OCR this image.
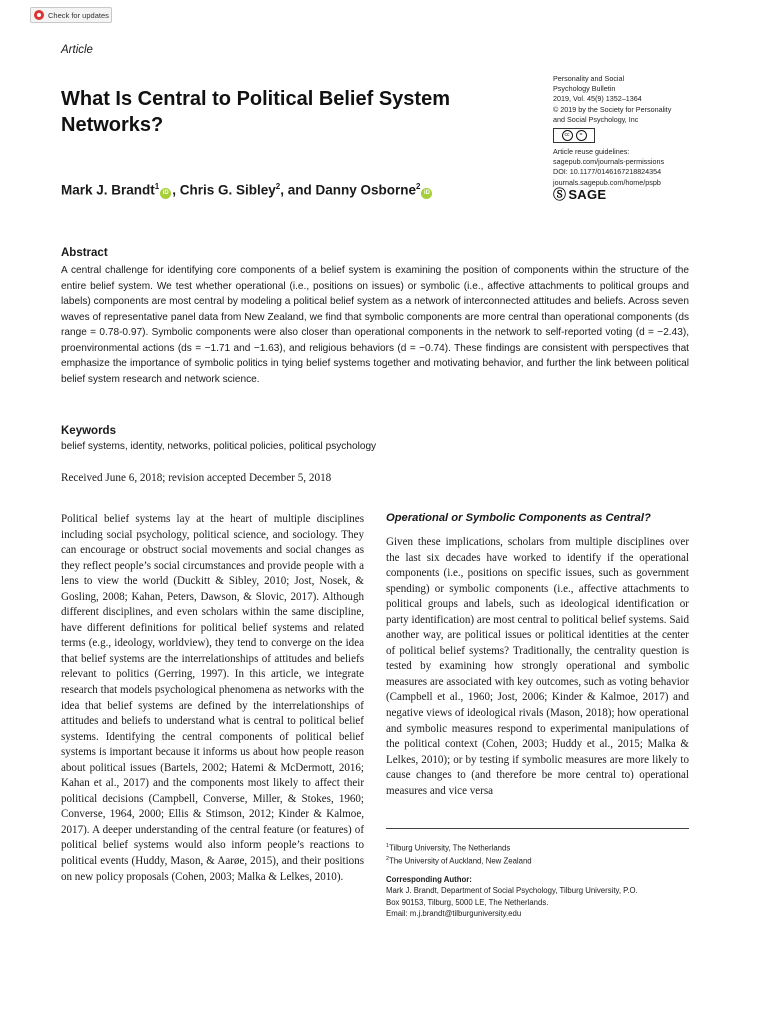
Check for updates
Article
What Is Central to Political Belief System Networks?
Mark J. Brandt$^1$iD , Chris G. Sibley$^2$, and Danny Osborne$^2$iD
Personality and Social
Psychology Bulletin
2019, Vol. 45(9) 1352–1364
© 2019 by the Society for Personality
and Social Psychology, Inc
cc	=
Article reuse guidelines:
sagepub.com/journals-permissions
DOI: 10.1177/0146167218824354
journals.sagepub.com/home/pspb
Ⓢ SAGE
Abstract

A central challenge for identifying core components of a belief system is examining the position of components within the structure of the entire belief system. We test whether operational (i.e., positions on issues) or symbolic (i.e., affective attachments to political groups and labels) components are most central by modeling a political belief system as a network of interconnected attitudes and beliefs. Across seven waves of representative panel data from New Zealand, we find that symbolic components are more central than operational components (ds range = 0.78-0.97). Symbolic components were also closer than operational components in the network to self-reported voting (d = −2.43), proenvironmental actions (ds = −1.71 and −1.63), and religious behaviors (d = −0.74). These findings are consistent with perspectives that emphasize the importance of symbolic politics in tying belief systems together and motivating behavior, and further the link between political belief system research and network science.

Keywords

belief systems, identity, networks, political policies, political psychology

Received June 6, 2018; revision accepted December 5, 2018

Political belief systems lay at the heart of multiple disciplines including social psychology, political science, and sociology. They can encourage or obstruct social movements and social changes as they reflect people’s social circumstances and provide people with a lens to view the world (Duckitt & Sibley, 2010; Jost, Nosek, & Gosling, 2008; Kahan, Peters, Dawson, & Slovic, 2017). Although different disciplines, and even scholars within the same discipline, have different definitions for political belief systems and related terms (e.g., ideology, worldview), they tend to converge on the idea that belief systems are the interrelationships of attitudes and beliefs relevant to politics (Gerring, 1997). In this article, we integrate research that models psychological phenomena as networks with the idea that belief systems are defined by the interrelationships of attitudes and beliefs to understand what is central to political belief systems. Identifying the central components of political belief systems is important because it informs us about how people reason about political issues (Bartels, 2002; Hatemi & McDermott, 2016; Kahan et al., 2017) and the components most likely to affect their political decisions (Campbell, Converse, Miller, & Stokes, 1960; Converse, 1964, 2000; Ellis & Stimson, 2012; Kinder & Kalmoe, 2017). A deeper understanding of the central feature (or features) of political belief systems would also inform people’s reactions to political events (Huddy, Mason, & Aarøe, 2015), and their positions on new policy proposals (Cohen, 2003; Malka & Lelkes, 2010).

Operational or Symbolic Components as Central?

Given these implications, scholars from multiple disciplines over the last six decades have worked to identify if the operational components (i.e., positions on specific issues, such as government spending) or symbolic components (i.e., affective attachments to political groups and labels, such as ideological identification or party identification) are most central to political belief systems. Said another way, are political issues or political identities at the center of political belief systems? Traditionally, the centrality question is tested by examining how strongly operational and symbolic measures are associated with key outcomes, such as voting behavior (Campbell et al., 1960; Jost, 2006; Kinder & Kalmoe, 2017) and negative views of ideological rivals (Mason, 2018); how operational and symbolic measures respond to experimental manipulations of the political context (Cohen, 2003; Huddy et al., 2015; Malka & Lelkes, 2010); or by testing if symbolic measures are more likely to cause changes to (and therefore be more central to) operational measures and vice versa

$^1$Tilburg University, The Netherlands
$^2$The University of Auckland, New Zealand
Corresponding Author:
Mark J. Brandt, Department of Social Psychology, Tilburg University, P.O.
Box 90153, Tilburg, 5000 LE, The Netherlands.
Email: m.j.brandt@tilburguniversity.edu
